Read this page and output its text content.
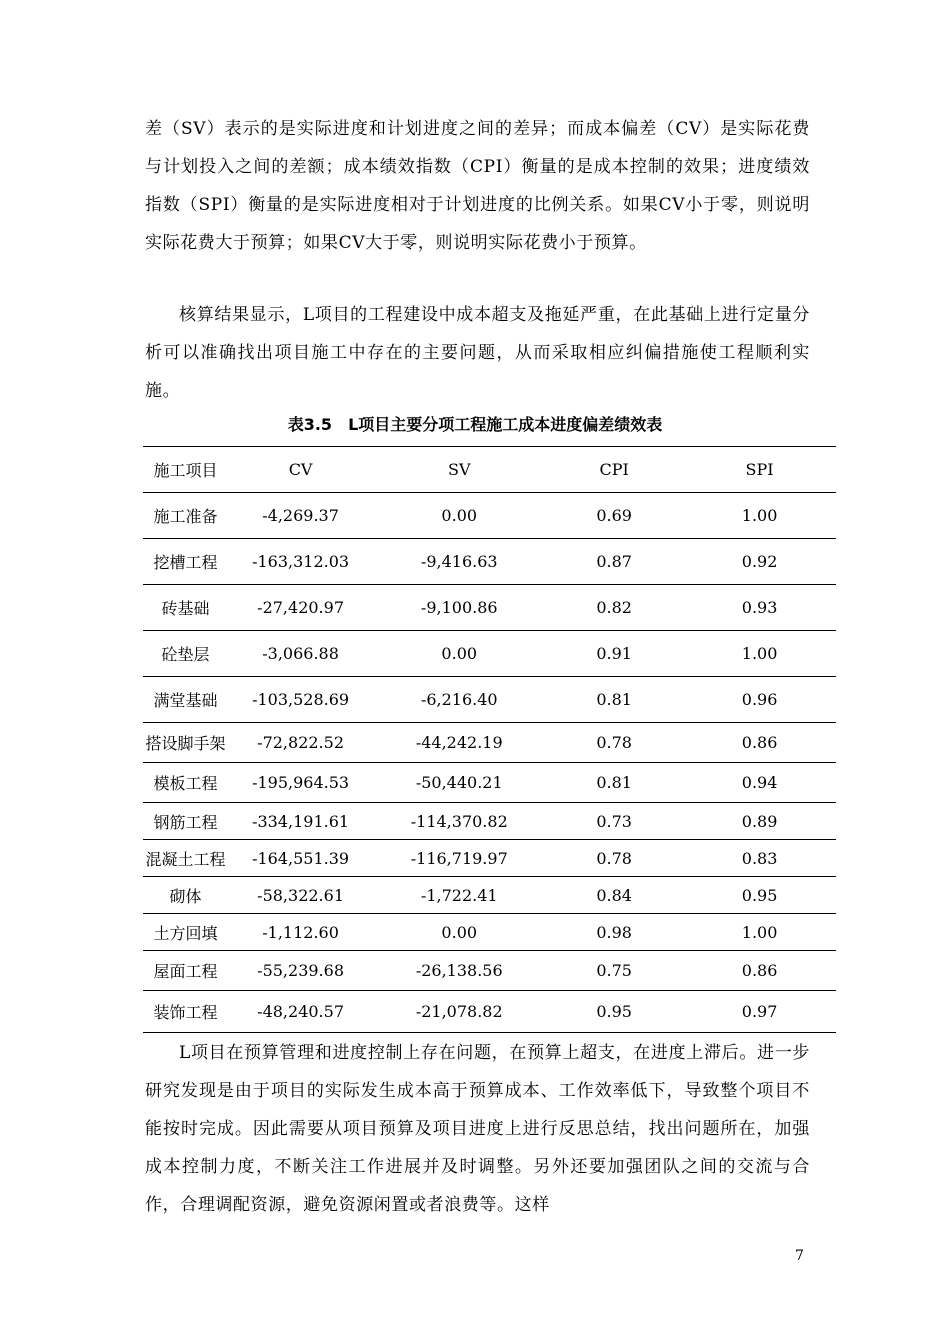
差（SV）表示的是实际进度和计划进度之间的差异；而成本偏差（CV）是实际花费与计划投入之间的差额；成本绩效指数（CPI）衡量的是成本控制的效果；进度绩效指数（SPI）衡量的是实际进度相对于计划进度的比例关系。如果CV小于零，则说明实际花费大于预算；如果CV大于零，则说明实际花费小于预算。

核算结果显示，L项目的工程建设中成本超支及拖延严重，在此基础上进行定量分析可以准确找出项目施工中存在的主要问题，从而采取相应纠偏措施使工程顺利实施。

表3.5　L项目主要分项工程施工成本进度偏差绩效表

施工项目	CV	SV	CPI	SPI
施工准备	-4,269.37	0.00	0.69	1.00
挖槽工程	-163,312.03	-9,416.63	0.87	0.92
砖基础	-27,420.97	-9,100.86	0.82	0.93
砼垫层	-3,066.88	0.00	0.91	1.00
满堂基础	-103,528.69	-6,216.40	0.81	0.96
搭设脚手架	-72,822.52	-44,242.19	0.78	0.86
模板工程	-195,964.53	-50,440.21	0.81	0.94
钢筋工程	-334,191.61	-114,370.82	0.73	0.89
混凝土工程	-164,551.39	-116,719.97	0.78	0.83
砌体	-58,322.61	-1,722.41	0.84	0.95
土方回填	-1,112.60	0.00	0.98	1.00
屋面工程	-55,239.68	-26,138.56	0.75	0.86
装饰工程	-48,240.57	-21,078.82	0.95	0.97

L项目在预算管理和进度控制上存在问题，在预算上超支，在进度上滞后。进一步研究发现是由于项目的实际发生成本高于预算成本、工作效率低下，导致整个项目不能按时完成。因此需要从项目预算及项目进度上进行反思总结，找出问题所在，加强成本控制力度，不断关注工作进展并及时调整。另外还要加强团队之间的交流与合作，合理调配资源，避免资源闲置或者浪费等。这样

7
